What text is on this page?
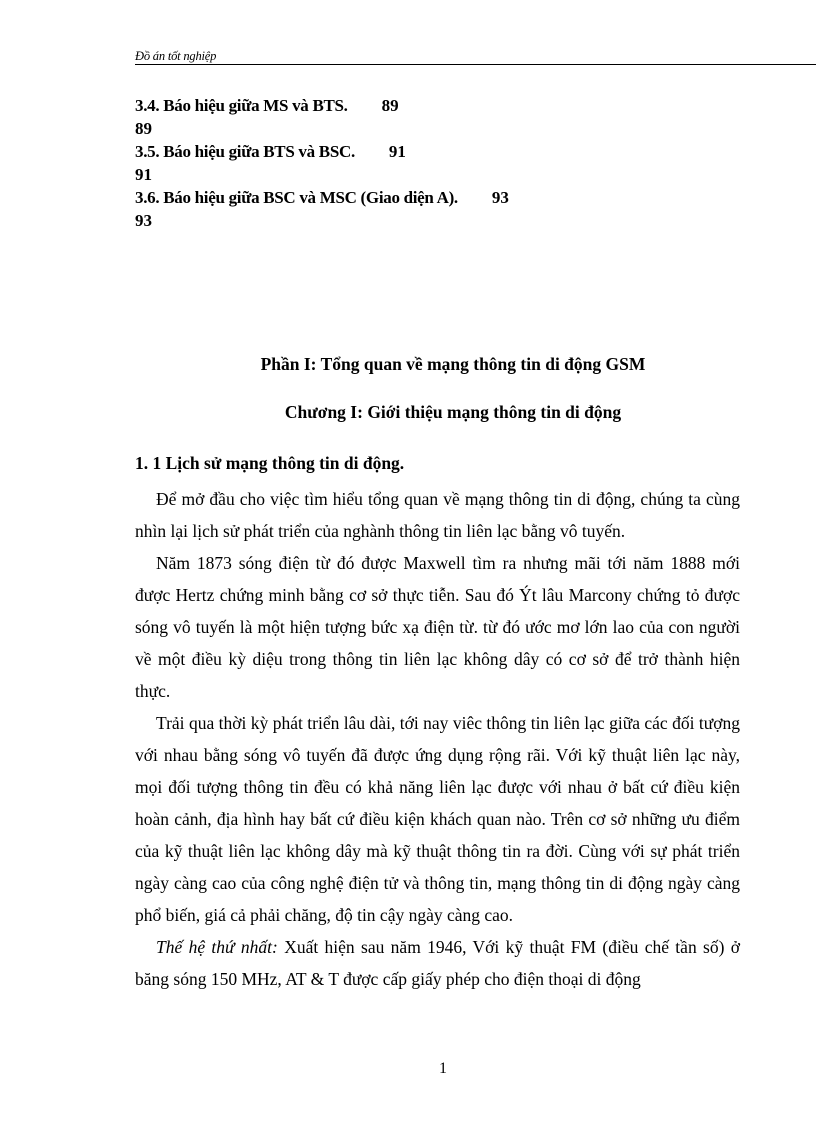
Đồ án tốt nghiệp
3.4. Báo hiệu giữa MS và BTS. 89
89
3.5. Báo hiệu giữa BTS và BSC. 91
91
3.6. Báo hiệu giữa BSC và MSC (Giao diện A). 93
93
Phần I: Tổng quan về mạng thông tin di động GSM
Chương I: Giới thiệu mạng thông tin di động
1. 1 Lịch sử mạng thông tin di động.

Để mở đầu cho việc tìm hiểu tổng quan về mạng thông tin di động, chúng ta cùng nhìn lại lịch sử phát triển của nghành thông tin liên lạc bằng vô tuyến.

Năm 1873 sóng điện từ đó được Maxwell tìm ra nhưng mãi tới năm 1888 mới được Hertz chứng minh bằng cơ sở thực tiễn. Sau đó Ýt lâu Marcony chứng tỏ được sóng vô tuyến là một hiện tượng bức xạ điện từ. từ đó ước mơ lớn lao của con người về một điều kỳ diệu trong thông tin liên lạc không dây có cơ sở để trở thành hiện thực.

Trải qua thời kỳ phát triển lâu dài, tới nay viêc thông tin liên lạc giữa các đối tượng với nhau bằng sóng vô tuyến đã được ứng dụng rộng rãi. Với kỹ thuật liên lạc này, mọi đối tượng thông tin đều có khả năng liên lạc được với nhau ở bất cứ điều kiện hoàn cảnh, địa hình hay bất cứ điều kiện khách quan nào. Trên cơ sở những ưu điểm của kỹ thuật liên lạc không dây mà kỹ thuật thông tin ra đời. Cùng với sự phát triển ngày càng cao của công nghệ điện tử và thông tin, mạng thông tin di động ngày càng phổ biến, giá cả phải chăng, độ tin cậy ngày càng cao.

Thế hệ thứ nhất: Xuất hiện sau năm 1946, Với kỹ thuật FM (điều chế tần số) ở băng sóng 150 MHz, AT & T được cấp giấy phép cho điện thoại di động

1
